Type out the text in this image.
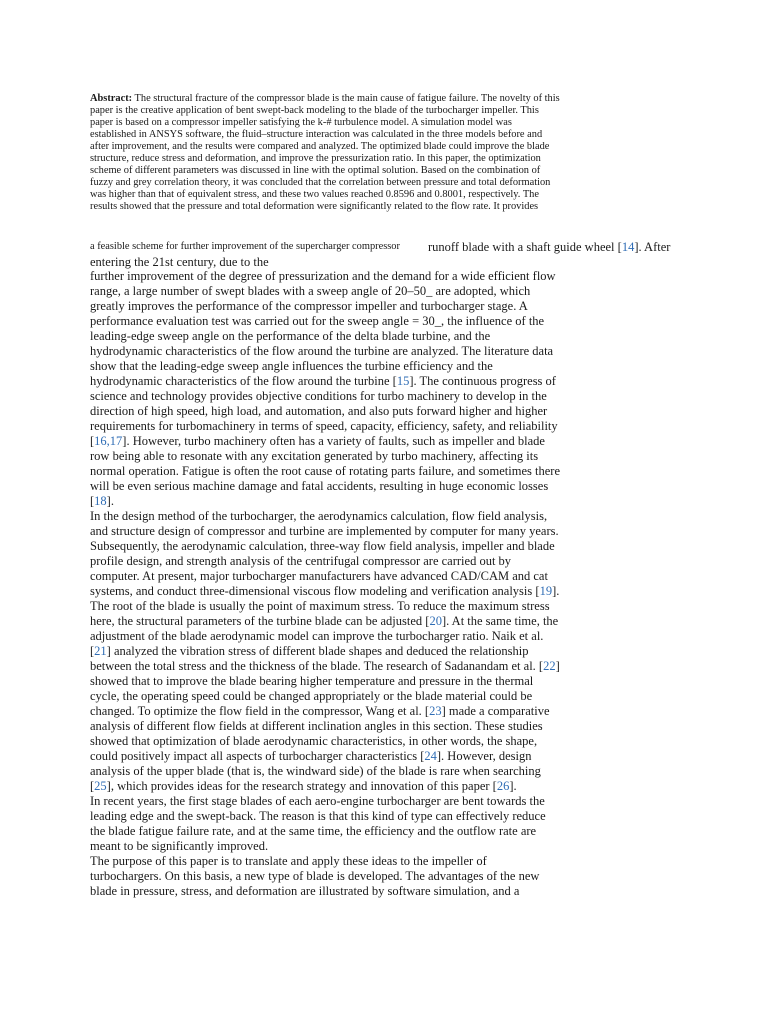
Abstract: The structural fracture of the compressor blade is the main cause of fatigue failure. The novelty of this paper is the creative application of bent swept-back modeling to the blade of the turbocharger impeller. This paper is based on a compressor impeller satisfying the k-# turbulence model. A simulation model was established in ANSYS software, the fluid–structure interaction was calculated in the three models before and after improvement, and the results were compared and analyzed. The optimized blade could improve the blade structure, reduce stress and deformation, and improve the pressurization ratio. In this paper, the optimization scheme of different parameters was discussed in line with the optimal solution. Based on the combination of fuzzy and grey correlation theory, it was concluded that the correlation between pressure and total deformation was higher than that of equivalent stress, and these two values reached 0.8596 and 0.8001, respectively. The results showed that the pressure and total deformation were significantly related to the flow rate. It provides
a feasible scheme for further improvement of the supercharger compressor	runoff blade with a shaft guide wheel [14]. After
entering the 21st century, due to the

further improvement of the degree of pressurization and the demand for a wide efficient flow range, a large number of swept blades with a sweep angle of 20–50_ are adopted, which greatly improves the performance of the compressor impeller and turbocharger stage. A performance evaluation test was carried out for the sweep angle = 30_, the influence of the leading-edge sweep angle on the performance of the delta blade turbine, and the hydrodynamic characteristics of the flow around the turbine are analyzed. The literature data show that the leading-edge sweep angle influences the turbine efficiency and the hydrodynamic characteristics of the flow around the turbine [15]. The continuous progress of science and technology provides objective conditions for turbo machinery to develop in the direction of high speed, high load, and automation, and also puts forward higher and higher requirements for turbomachinery in terms of speed, capacity, efficiency, safety, and reliability [16,17]. However, turbo machinery often has a variety of faults, such as impeller and blade row being able to resonate with any excitation generated by turbo machinery, affecting its normal operation. Fatigue is often the root cause of rotating parts failure, and sometimes there will be even serious machine damage and fatal accidents, resulting in huge economic losses [18].

In the design method of the turbocharger, the aerodynamics calculation, flow field analysis, and structure design of compressor and turbine are implemented by computer for many years. Subsequently, the aerodynamic calculation, three-way flow field analysis, impeller and blade profile design, and strength analysis of the centrifugal compressor are carried out by computer. At present, major turbocharger manufacturers have advanced CAD/CAM and cat systems, and conduct three-dimensional viscous flow modeling and verification analysis [19].

The root of the blade is usually the point of maximum stress. To reduce the maximum stress here, the structural parameters of the turbine blade can be adjusted [20]. At the same time, the adjustment of the blade aerodynamic model can improve the turbocharger ratio. Naik et al. [21] analyzed the vibration stress of different blade shapes and deduced the relationship between the total stress and the thickness of the blade. The research of Sadanandam et al. [22] showed that to improve the blade bearing higher temperature and pressure in the thermal cycle, the operating speed could be changed appropriately or the blade material could be changed. To optimize the flow field in the compressor, Wang et al. [23] made a comparative analysis of different flow fields at different inclination angles in this section. These studies showed that optimization of blade aerodynamic characteristics, in other words, the shape, could positively impact all aspects of turbocharger characteristics [24]. However, design analysis of the upper blade (that is, the windward side) of the blade is rare when searching [25], which provides ideas for the research strategy and innovation of this paper [26].

In recent years, the first stage blades of each aero-engine turbocharger are bent towards the leading edge and the swept-back. The reason is that this kind of type can effectively reduce the blade fatigue failure rate, and at the same time, the efficiency and the outflow rate are meant to be significantly improved.

The purpose of this paper is to translate and apply these ideas to the impeller of turbochargers. On this basis, a new type of blade is developed. The advantages of the new blade in pressure, stress, and deformation are illustrated by software simulation, and a
